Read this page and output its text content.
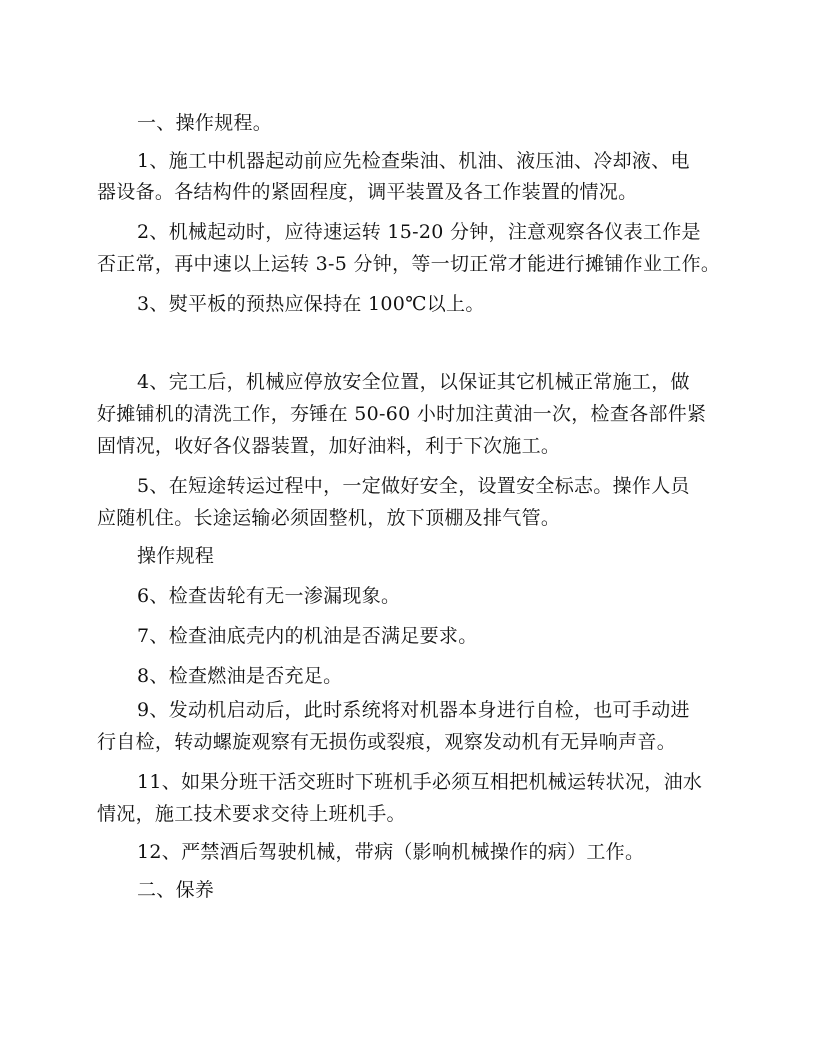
一、操作规程。
1、施工中机器起动前应先检查柴油、机油、液压油、冷却液、电
器设备。各结构件的紧固程度，调平装置及各工作装置的情况。
2、机械起动时，应待速运转 15-20 分钟，注意观察各仪表工作是
否正常，再中速以上运转 3-5 分钟，等一切正常才能进行摊铺作业工作。
3、熨平板的预热应保持在 100℃以上。
4、完工后，机械应停放安全位置，以保证其它机械正常施工，做
好摊铺机的清洗工作，夯锤在 50-60 小时加注黄油一次，检查各部件紧
固情况，收好各仪器装置，加好油料，利于下次施工。
5、在短途转运过程中，一定做好安全，设置安全标志。操作人员
应随机住。长途运输必须固整机，放下顶棚及排气管。
操作规程
6、检查齿轮有无一渗漏现象。
7、检查油底壳内的机油是否满足要求。
8、检查燃油是否充足。
9、发动机启动后，此时系统将对机器本身进行自检，也可手动进
行自检，转动螺旋观察有无损伤或裂痕，观察发动机有无异响声音。
11、如果分班干活交班时下班机手必须互相把机械运转状况，油水
情况，施工技术要求交待上班机手。
12、严禁酒后驾驶机械，带病（影响机械操作的病）工作。
二、保养
